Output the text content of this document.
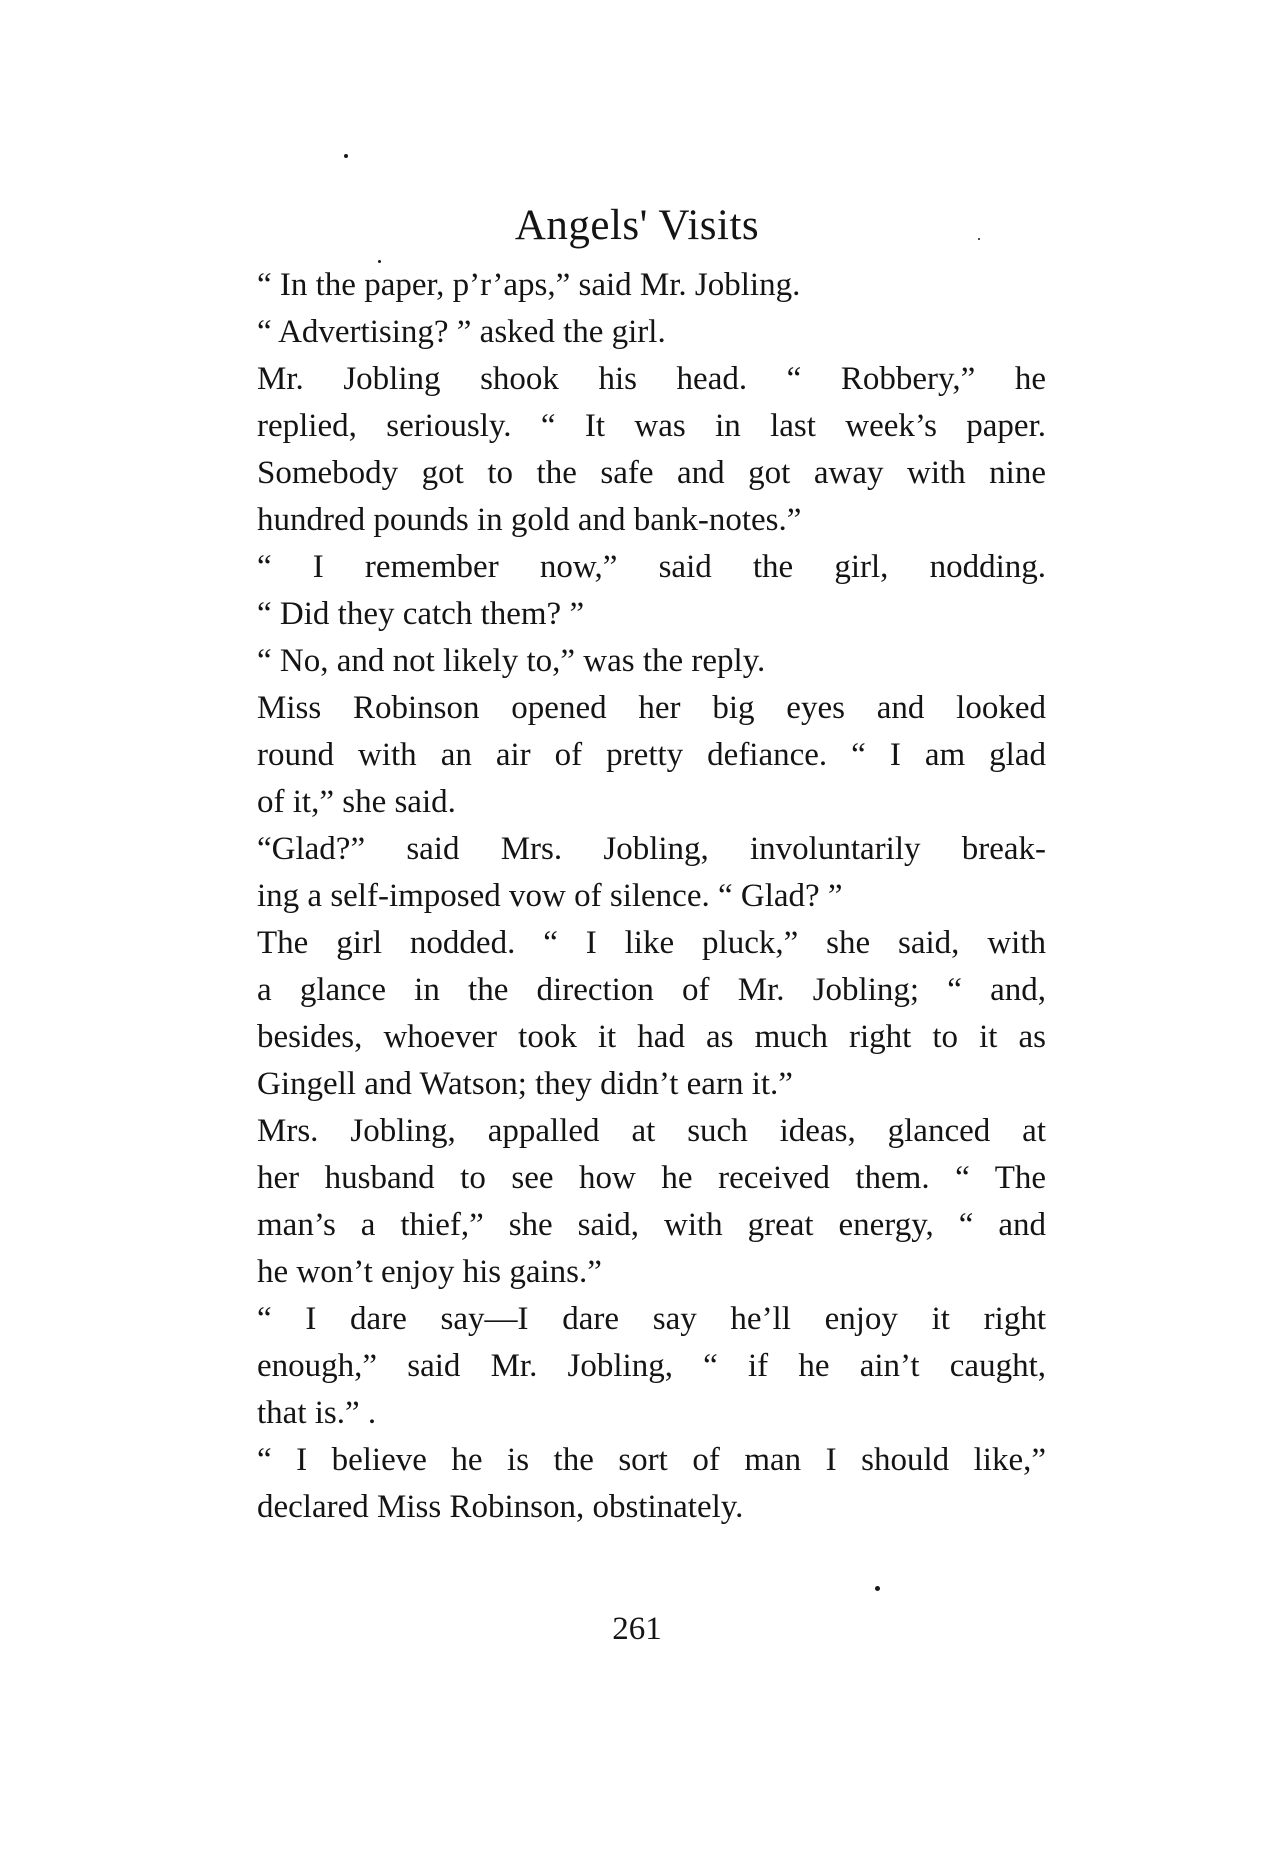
Angels' Visits

“ In the paper, p’r’aps,” said Mr. Jobling.

“ Advertising? ” asked the girl.

Mr. Jobling shook his head. “ Robbery,” he
replied, seriously. “ It was in last week’s paper.
Somebody got to the safe and got away with nine
hundred pounds in gold and bank-notes.”

“ I remember now,” said the girl, nodding.
“ Did they catch them? ”

“ No, and not likely to,” was the reply.

Miss Robinson opened her big eyes and looked
round with an air of pretty defiance. “ I am glad
of it,” she said.

“Glad?” said Mrs. Jobling, involuntarily break-
ing a self-imposed vow of silence. “ Glad? ”

The girl nodded. “ I like pluck,” she said, with
a glance in the direction of Mr. Jobling; “ and,
besides, whoever took it had as much right to it as
Gingell and Watson; they didn’t earn it.”

Mrs. Jobling, appalled at such ideas, glanced at
her husband to see how he received them. “ The
man’s a thief,” she said, with great energy, “ and
he won’t enjoy his gains.”

“ I dare say—I dare say he’ll enjoy it right
enough,” said Mr. Jobling, “ if he ain’t caught,
that is.” .

“ I believe he is the sort of man I should like,”
declared Miss Robinson, obstinately.

261
